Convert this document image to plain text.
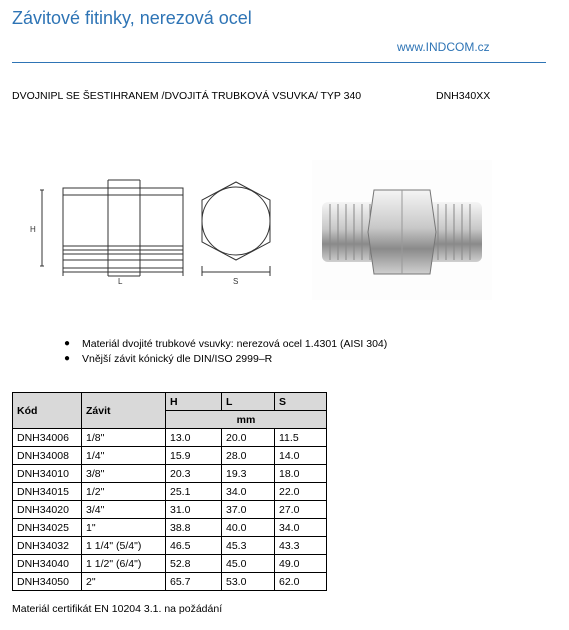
Závitové fitinky, nerezová ocel
www.INDCOM.cz
DVOJNIPL SE ŠESTIHRANEM /DVOJITÁ TRUBKOVÁ VSUVKA/ TYP 340	DNH340XX
H
L	S
●	Materiál dvojité trubkové vsuvky: nerezová ocel 1.4301 (AISI 304)
●	Vnější závit kónický dle DIN/ISO 2999–R
Kód	Závit	H	L	S
		mm		
DNH34006	1/8"	13.0	20.0	11.5
DNH34008	1/4"	15.9	28.0	14.0
DNH34010	3/8"	20.3	19.3	18.0
DNH34015	1/2"	25.1	34.0	22.0
DNH34020	3/4"	31.0	37.0	27.0
DNH34025	1"	38.8	40.0	34.0
DNH34032	1 1/4" (5/4")	46.5	45.3	43.3
DNH34040	1 1/2" (6/4")	52.8	45.0	49.0
DNH34050	2"	65.7	53.0	62.0
Materiál certifikát EN 10204 3.1. na požádání
